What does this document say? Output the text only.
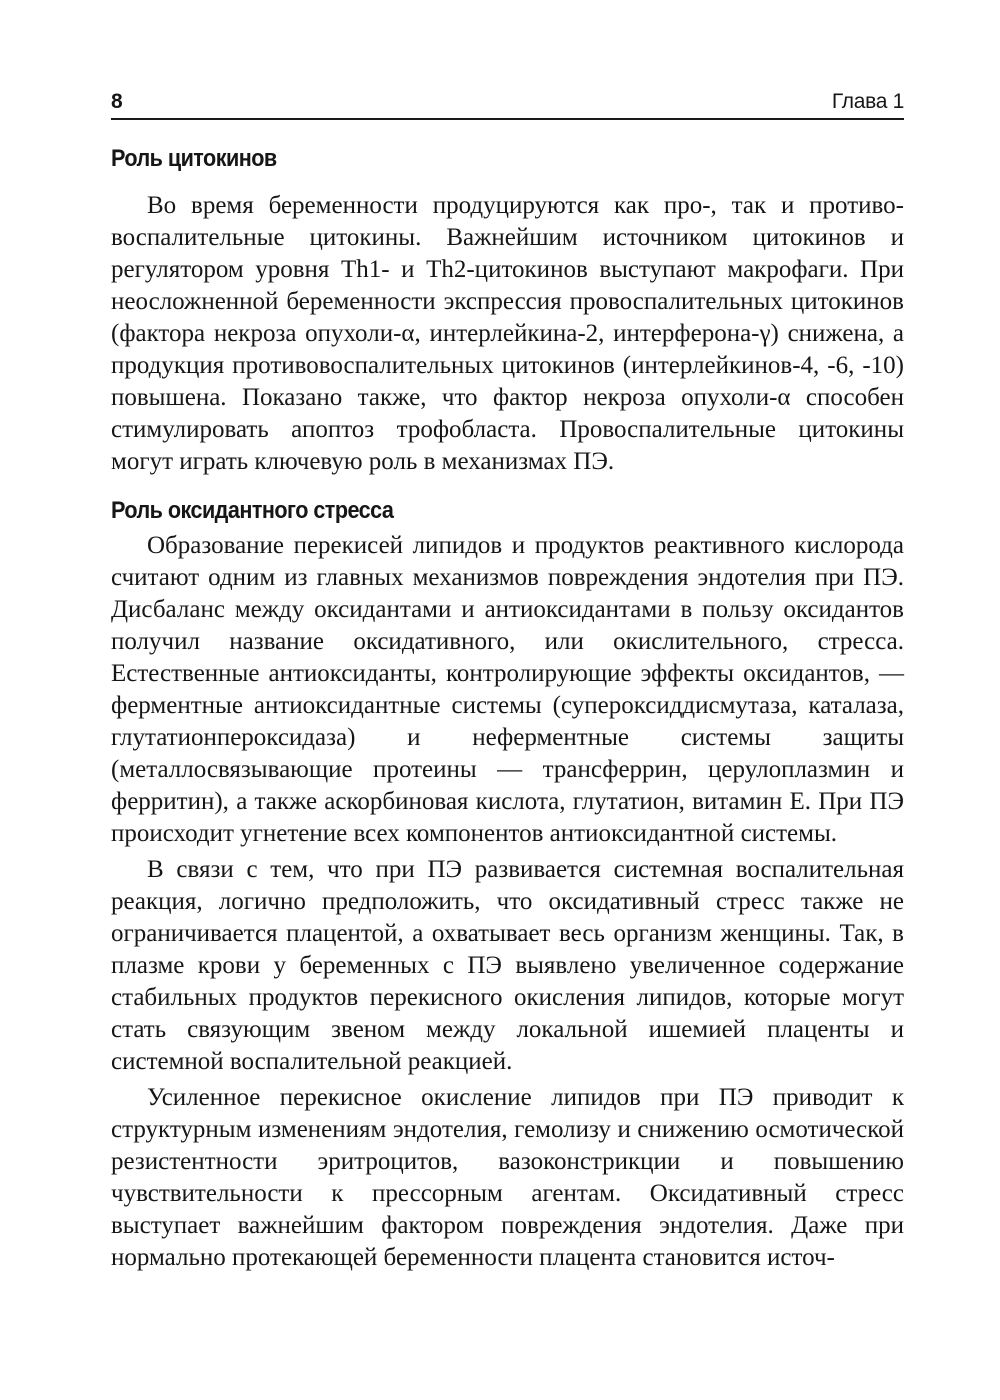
8	Глава 1
Роль цитокинов

Во время беременности продуцируются как про-, так и противовоспалительные цитокины. Важнейшим источником цитокинов и регулятором уровня Th1- и Th2-цитокинов выступают макрофаги. При неосложненной беременности экспрессия провоспалительных цитокинов (фактора некроза опухоли-α, интерлейкина-2, интерферона-γ) снижена, а продукция противовоспалительных цитокинов (интерлейкинов-4, -6, -10) повышена. Показано также, что фактор некроза опухоли-α способен стимулировать апоптоз трофобласта. Провоспалительные цитокины могут играть ключевую роль в механизмах ПЭ.

Роль оксидантного стресса

Образование перекисей липидов и продуктов реактивного кислорода считают одним из главных механизмов повреждения эндотелия при ПЭ. Дисбаланс между оксидантами и антиоксидантами в пользу оксидантов получил название оксидативного, или окислительного, стресса. Естественные антиоксиданты, контролирующие эффекты оксидантов, — ферментные антиоксидантные системы (супероксиддисмутаза, каталаза, глутатионпероксидаза) и неферментные системы защиты (металлосвязывающие протеины — трансферрин, церулоплазмин и ферритин), а также аскорбиновая кислота, глутатион, витамин Е. При ПЭ происходит угнетение всех компонентов антиоксидантной системы.

В связи с тем, что при ПЭ развивается системная воспалительная реакция, логично предположить, что оксидативный стресс также не ограничивается плацентой, а охватывает весь организм женщины. Так, в плазме крови у беременных с ПЭ выявлено увеличенное содержание стабильных продуктов перекисного окисления липидов, которые могут стать связующим звеном между локальной ишемией плаценты и системной воспалительной реакцией.

Усиленное перекисное окисление липидов при ПЭ приводит к структурным изменениям эндотелия, гемолизу и снижению осмотической резистентности эритроцитов, вазоконстрикции и повышению чувствительности к прессорным агентам. Оксидативный стресс выступает важнейшим фактором повреждения эндотелия. Даже при нормально протекающей беременности плацента становится источ-
